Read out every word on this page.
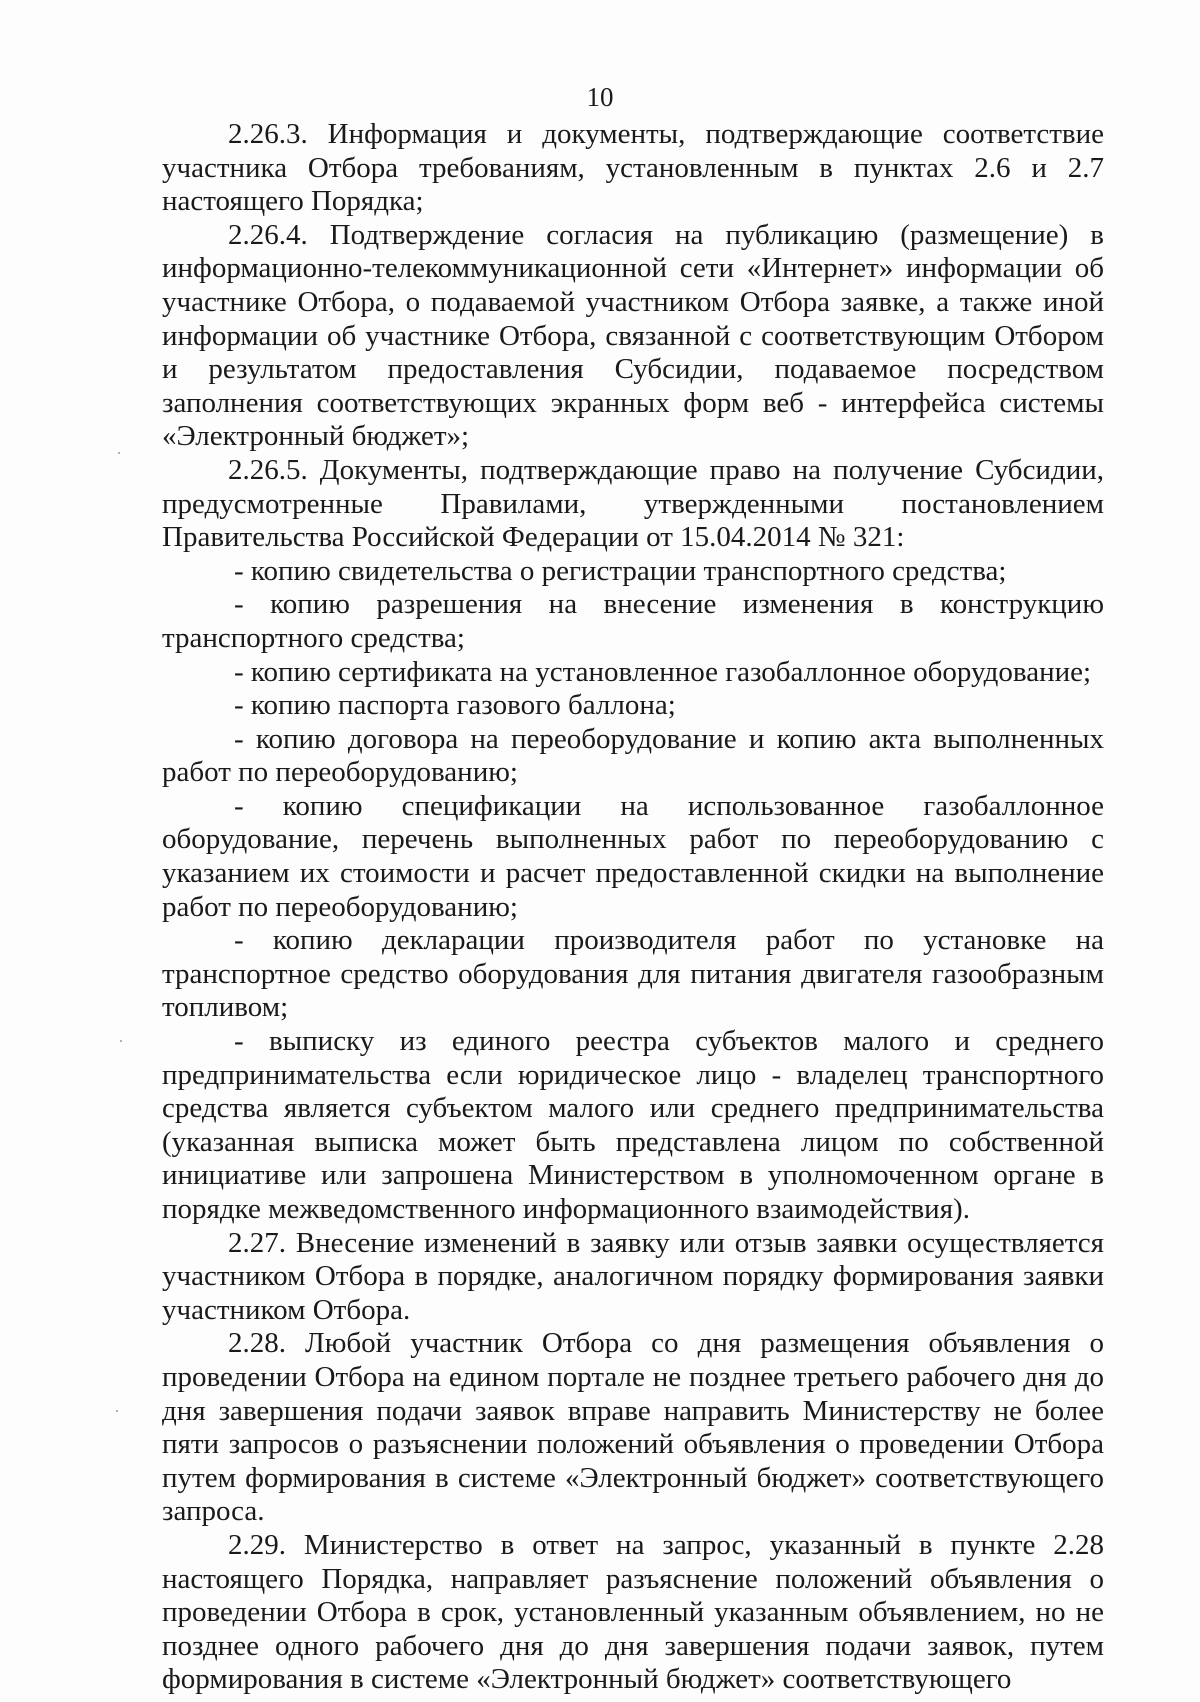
10

2.26.3. Информация и документы, подтверждающие соответствие участника Отбора требованиям, установленным в пунктах 2.6 и 2.7 настоящего Порядка;

2.26.4. Подтверждение согласия на публикацию (размещение) в информационно-телекоммуникационной сети «Интернет» информации об участнике Отбора, о подаваемой участником Отбора заявке, а также иной информации об участнике Отбора, связанной с соответствующим Отбором и результатом предоставления Субсидии, подаваемое посредством заполнения соответствующих экранных форм веб - интерфейса системы «Электронный бюджет»;

2.26.5. Документы, подтверждающие право на получение Субсидии, предусмотренные Правилами, утвержденными постановлением Правительства Российской Федерации от 15.04.2014 № 321:

- копию свидетельства о регистрации транспортного средства;

- копию разрешения на внесение изменения в конструкцию транспортного средства;

- копию сертификата на установленное газобаллонное оборудование;

- копию паспорта газового баллона;

- копию договора на переоборудование и копию акта выполненных работ по переоборудованию;

- копию спецификации на использованное газобаллонное оборудование, перечень выполненных работ по переоборудованию с указанием их стоимости и расчет предоставленной скидки на выполнение работ по переоборудованию;

- копию декларации производителя работ по установке на транспортное средство оборудования для питания двигателя газообразным топливом;

- выписку из единого реестра субъектов малого и среднего предпринимательства если юридическое лицо - владелец транспортного средства является субъектом малого или среднего предпринимательства (указанная выписка может быть представлена лицом по собственной инициативе или запрошена Министерством в уполномоченном органе в порядке межведомственного информационного взаимодействия).

2.27. Внесение изменений в заявку или отзыв заявки осуществляется участником Отбора в порядке, аналогичном порядку формирования заявки участником Отбора.

2.28. Любой участник Отбора со дня размещения объявления о проведении Отбора на едином портале не позднее третьего рабочего дня до дня завершения подачи заявок вправе направить Министерству не более пяти запросов о разъяснении положений объявления о проведении Отбора путем формирования в системе «Электронный бюджет» соответствующего запроса.

2.29. Министерство в ответ на запрос, указанный в пункте 2.28 настоящего Порядка, направляет разъяснение положений объявления о проведении Отбора в срок, установленный указанным объявлением, но не позднее одного рабочего дня до дня завершения подачи заявок, путем формирования в системе «Электронный бюджет» соответствующего
